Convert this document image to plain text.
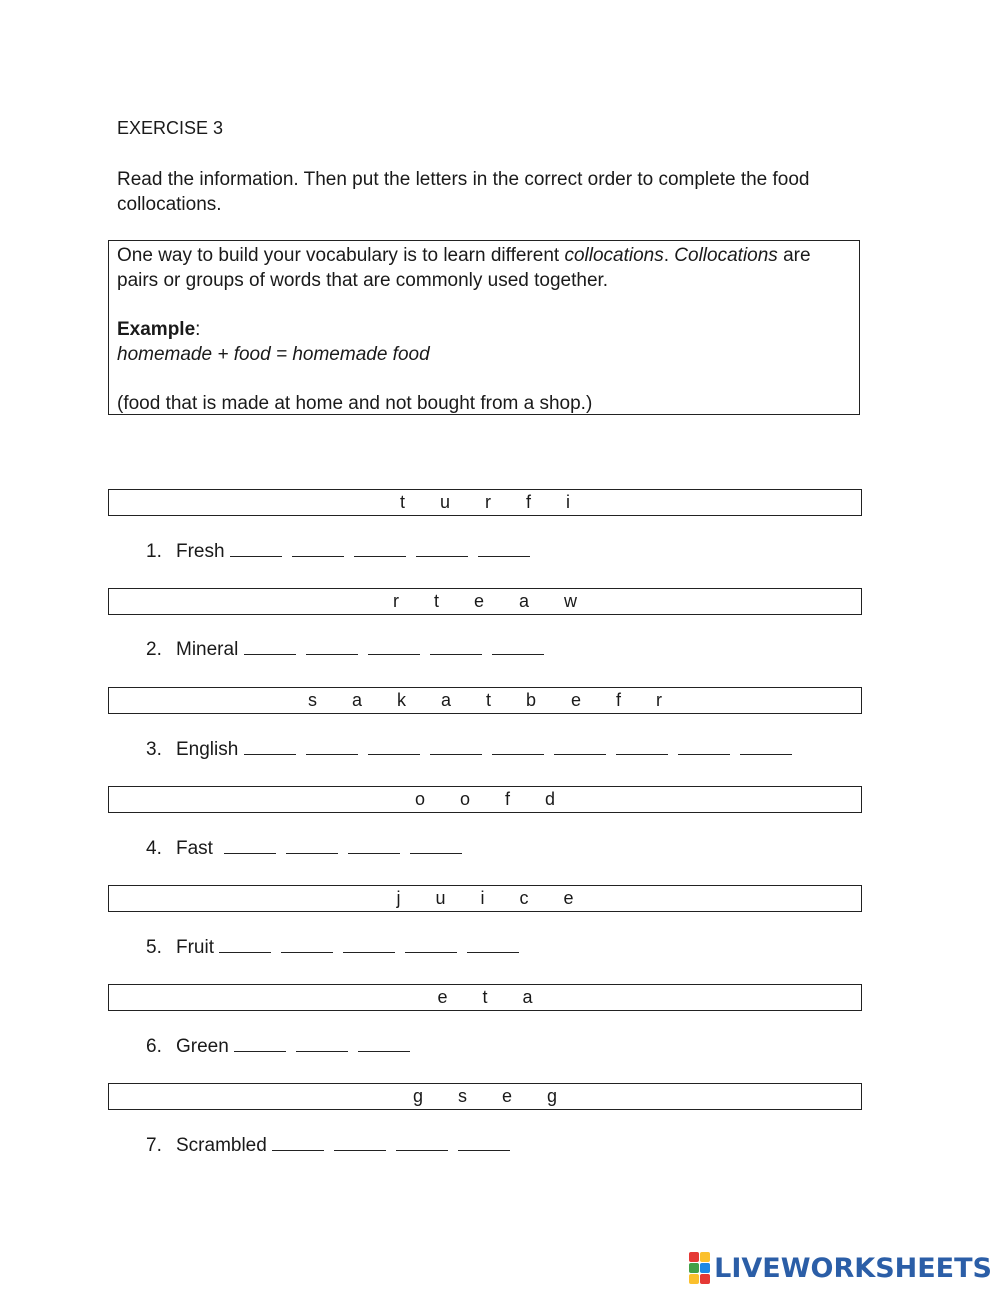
EXERCISE 3
Read the information. Then put the letters in the correct order to complete the food collocations.

One way to build your vocabulary is to learn different collocations. Collocations are pairs or groups of words that are commonly used together.

Example:

homemade + food = homemade food

(food that is made at home and not bought from a shop.)

t       u       r       f       i
1. Fresh
r       t       e       a       w
2. Mineral
s       a       k       a       t       b       e       f       r
3. English
o       o       f       d
4. Fast
j       u       i       c       e
5. Fruit
e       t       a
6. Green
g       s       e       g
7. Scrambled
LIVEWORKSHEETS
